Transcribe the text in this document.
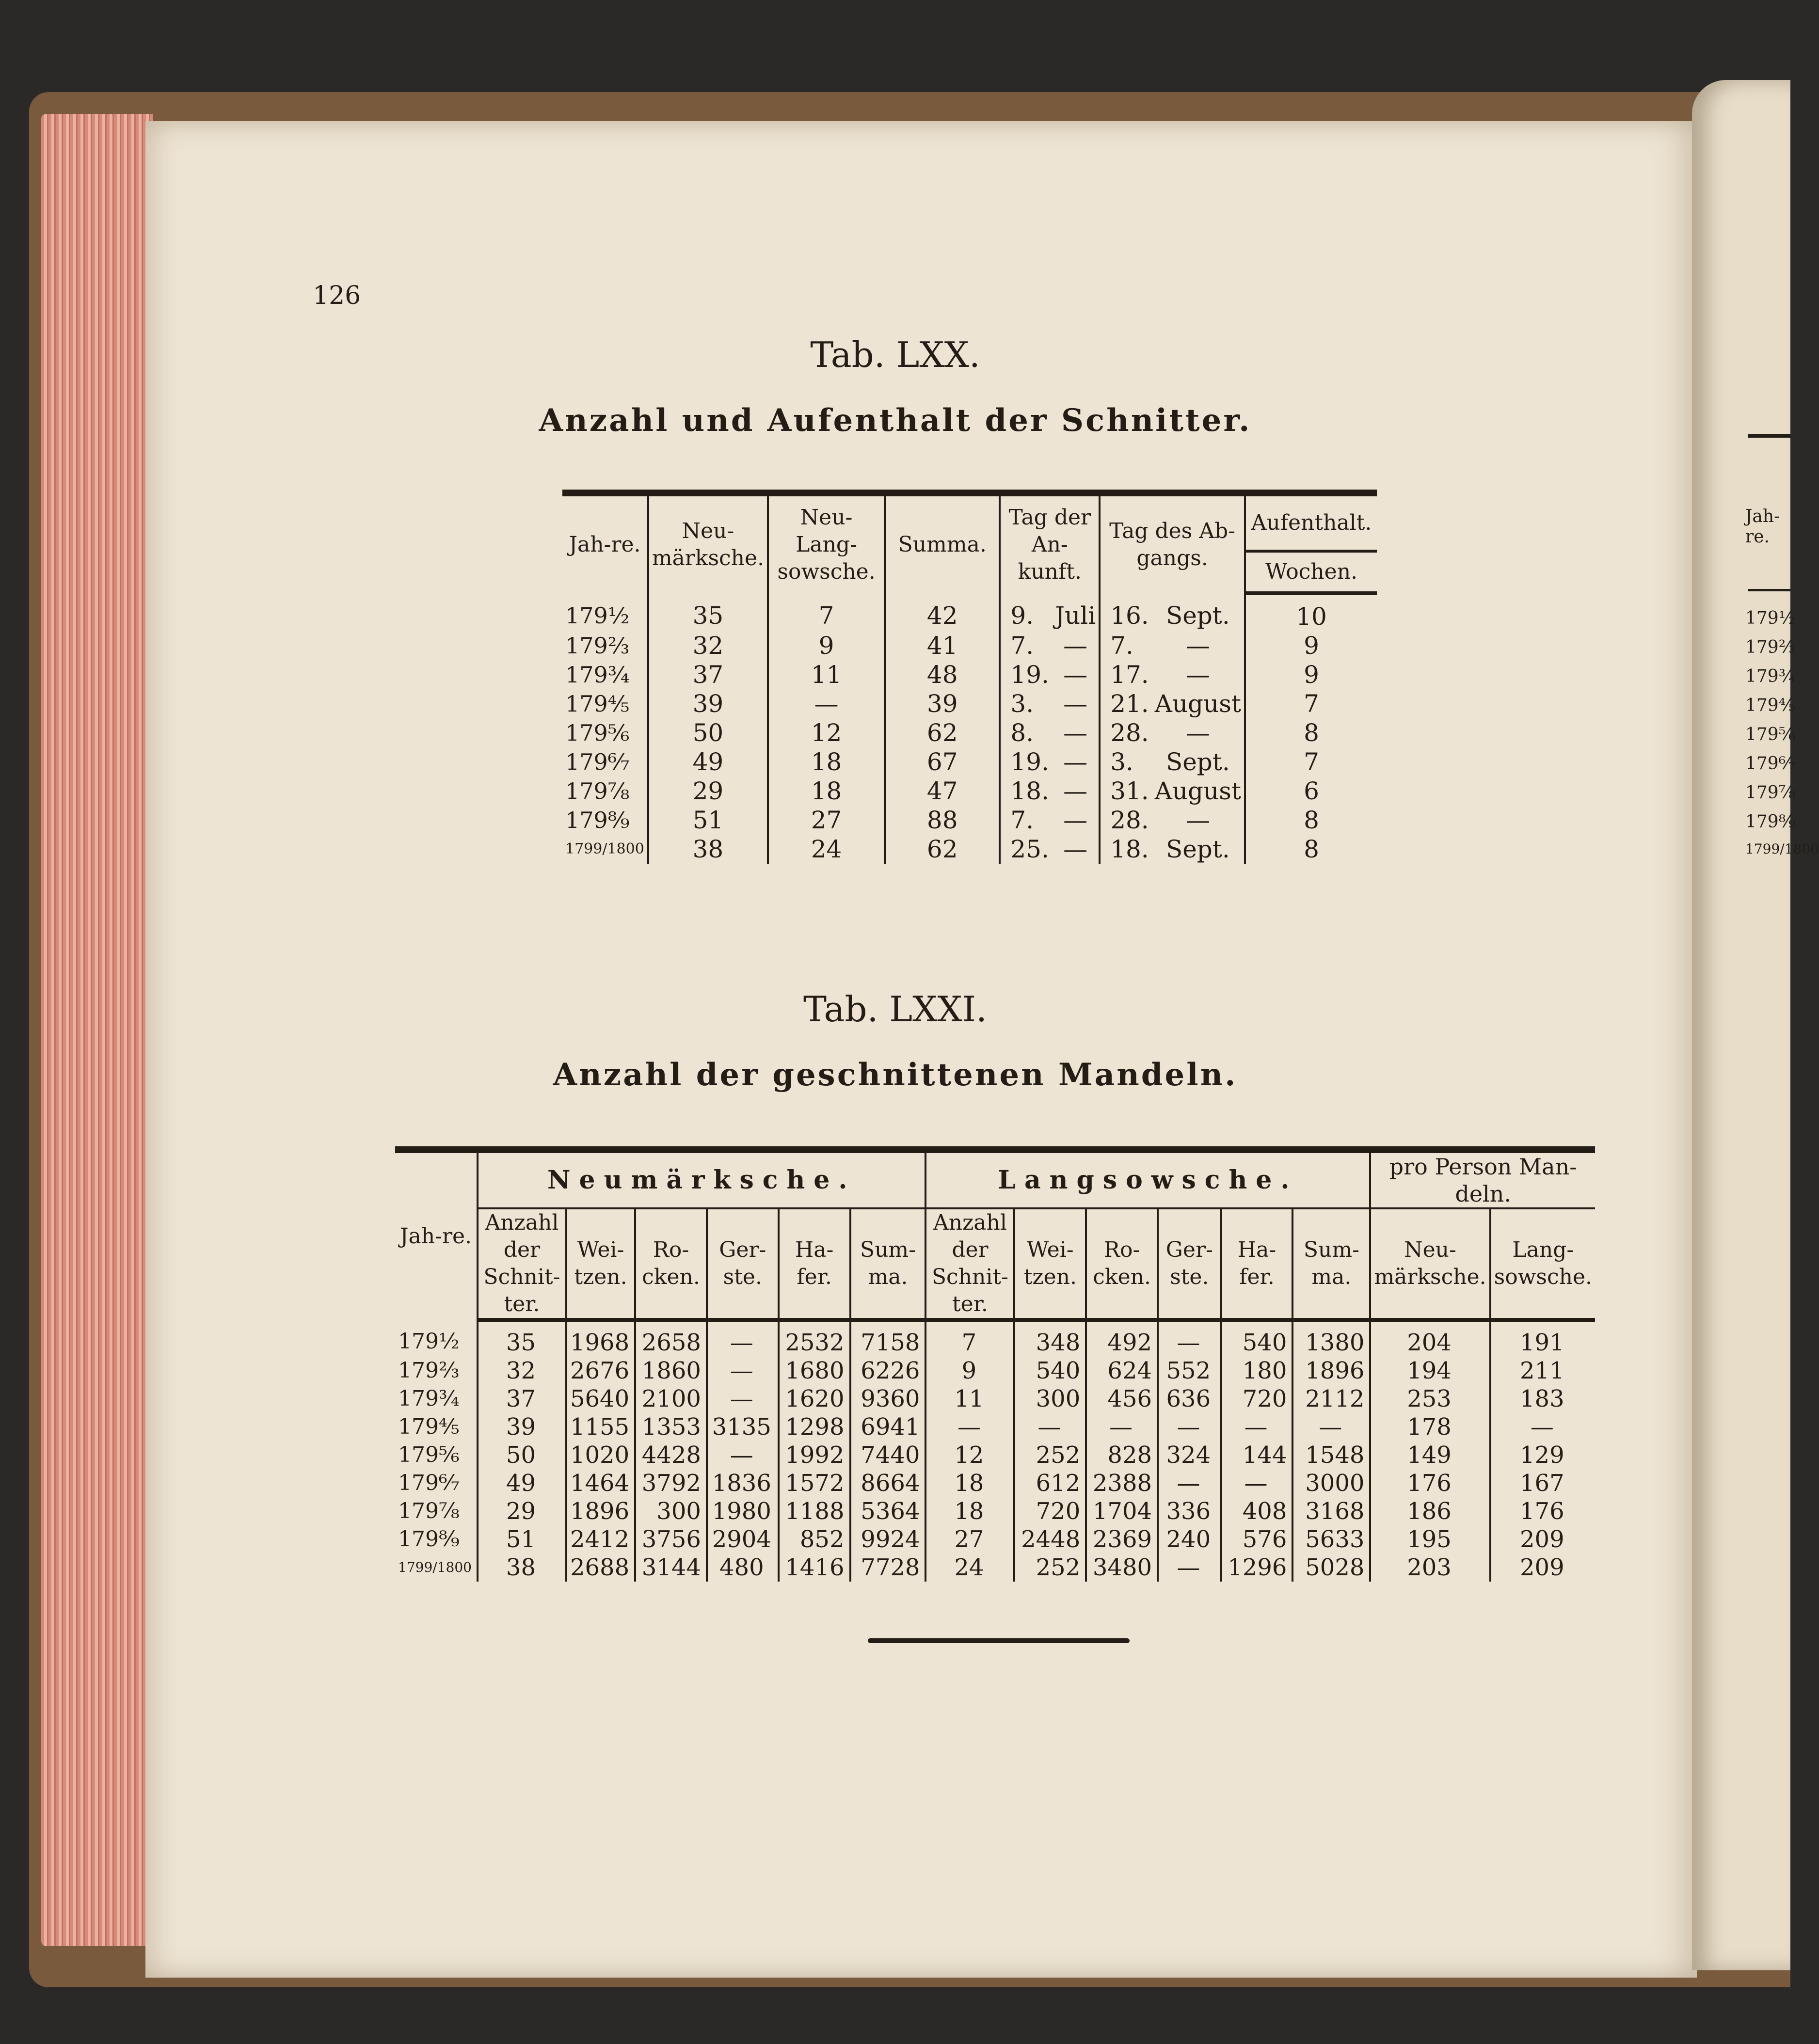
Jah-re.
179½
179⅔
179¾
179⅘
179⅚
179⁶⁄₇
179⅞
179⁸⁄₉
1799/1800
126
Tab. LXX.
Anzahl und Aufenthalt der Schnitter.
Jah-re.	Neu-märksche.	Neu-Lang-sowsche.	Summa.	Tag der An-kunft.		Tag des Ab-gangs.		Aufenthalt.
								Wochen.
179½	35	7	42	9.	Juli	16.	Sept.	10
179⅔	32	9	41	7.	—	7.	—	9
179¾	37	11	48	19.	—	17.	—	9
179⅘	39	—	39	3.	—	21.	August	7
179⅚	50	12	62	8.	—	28.	—	8
179⁶⁄₇	49	18	67	19.	—	3.	Sept.	7
179⅞	29	18	47	18.	—	31.	August	6
179⁸⁄₉	51	27	88	7.	—	28.	—	8
1799/1800	38	24	62	25.	—	18.	Sept.	8
Tab. LXXI.
Anzahl der geschnittenen Mandeln.
Jah-re.	Neumärksche.						Langsowsche.						pro Person Man-deln.	
	Anzahl der Schnit-ter.	Wei-tzen.	Ro-cken.	Ger-ste.	Ha-fer.	Sum-ma.	Anzahl der Schnit-ter.	Wei-tzen.	Ro-cken.	Ger-ste.	Ha-fer.	Sum-ma.	Neu-märksche.	Lang-sowsche.
179½	35	1968	2658	—	2532	7158	7	348	492	—	540	1380	204	191
179⅔	32	2676	1860	—	1680	6226	9	540	624	552	180	1896	194	211
179¾	37	5640	2100	—	1620	9360	11	300	456	636	720	2112	253	183
179⅘	39	1155	1353	3135	1298	6941	—	—	—	—	—	—	178	—
179⅚	50	1020	4428	—	1992	7440	12	252	828	324	144	1548	149	129
179⁶⁄₇	49	1464	3792	1836	1572	8664	18	612	2388	—	—	3000	176	167
179⅞	29	1896	300	1980	1188	5364	18	720	1704	336	408	3168	186	176
179⁸⁄₉	51	2412	3756	2904	852	9924	27	2448	2369	240	576	5633	195	209
1799/1800	38	2688	3144	480	1416	7728	24	252	3480	—	1296	5028	203	209
